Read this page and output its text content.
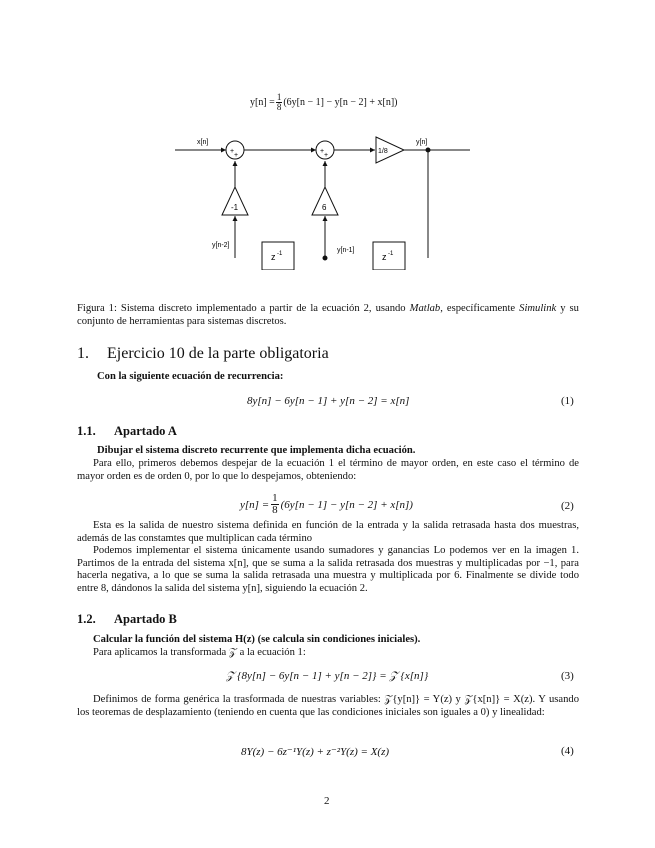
$y[n] = \frac{1}{8} (6y[n - 1] - y[n - 2] + x[n])$
x[n]
+
+
+
+
1/8
y[n]
-1	6
y[n-2]
y[n-1]
z -1	z -1
Figura 1: Sistema discreto implementado a partir de la ecuación 2, usando Matlab, específicamente Simulink y su conjunto de herramientas para sistemas discretos.
1. Ejercicio 10 de la parte obligatoria
Con la siguiente ecuación de recurrencia:
8y[n] − 6y[n − 1] + y[n − 2] = x[n]	(1)
1.1. Apartado A
Dibujar el sistema discreto recurrente que implementa dicha ecuación.
Para ello, primeros debemos despejar de la ecuación 1 el término de mayor orden, en este caso el término de mayor orden es de orden 0, por lo que lo despejamos, obteniendo:
$y[n] = \frac{1}{8} (6y[n - 1] - y[n - 2] + x[n])$	(2)
Esta es la salida de nuestro sistema definida en función de la entrada y la salida retrasada hasta dos muestras, además de las constamtes que multiplican cada término
Podemos implementar el sistema únicamente usando sumadores y ganancias Lo podemos ver en la imagen 1. Partimos de la entrada del sistema x[n], que se suma a la salida retrasada dos muestras y multiplicadas por −1, para hacerla negativa, a lo que se suma la salida retrasada una muestra y multiplicada por 6. Finalmente se divide todo entre 8, dándonos la salida del sistema y[n], siguiendo la ecuación 2.
1.2. Apartado B
Calcular la función del sistema H(z) (se calcula sin condiciones iniciales).
Para aplicamos la transformada 𝒵 a la ecuación 1:
𝒵 {8y[n] − 6y[n − 1] + y[n − 2]} = 𝒵 {x[n]}	(3)
Definimos de forma genérica la trasformada de nuestras variables: 𝒵{y[n]} = Y(z) y 𝒵{x[n]} = X(z). Y usando los teoremas de desplazamiento (teniendo en cuenta que las condiciones iniciales son iguales a 0) y linealidad:
8Y(z) − 6z⁻¹Y(z) + z⁻²Y(z) = X(z)	(4)
2
